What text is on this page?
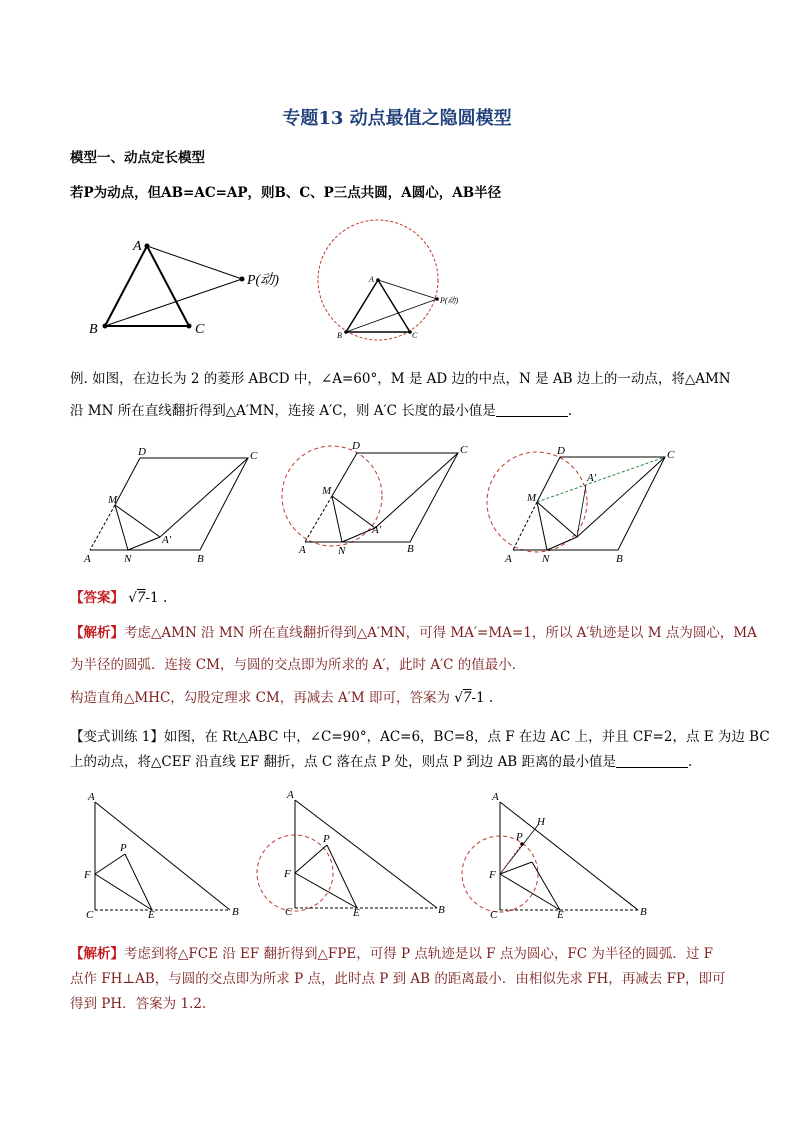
专题13 动点最值之隐圆模型
模型一、动点定长模型
若P为动点，但AB=AC=AP，则B、C、P三点共圆，A圆心，AB半径
A
B	C
P(动)	A
B	C
P(动)
例. 如图，在边长为 2 的菱形 ABCD 中，∠A=60°，M 是 AD 边的中点，N 是 AB 边上的一动点，将△AMN
沿 MN 所在直线翻折得到△A′MN，连接 A′C，则 A′C 长度的最小值是	.
D	C
M
A′
A	N	B
D	C
M
A′
A	N	B
D	C
M
A′
A	N	B
【答案】 √7-1 .
【解析】考虑△AMN 沿 MN 所在直线翻折得到△A′MN，可得 MA′=MA=1，所以 A′轨迹是以 M 点为圆心，MA
为半径的圆弧．连接 CM，与圆的交点即为所求的 A′，此时 A′C 的值最小．
构造直角△MHC，勾股定理求 CM，再减去 A′M 即可，答案为 √7-1 .
【变式训练 1】如图，在 Rt△ABC 中，∠C=90°，AC=6，BC=8，点 F 在边 AC 上，并且 CF=2，点 E 为边 BC
上的动点，将△CEF 沿直线 EF 翻折，点 C 落在点 P 处，则点 P 到边 AB 距离的最小值是	.
A
P
F
C	E	B
A
P
F
C	E	B
A
H
P
F
C	E	B
【解析】考虑到将△FCE 沿 EF 翻折得到△FPE，可得 P 点轨迹是以 F 点为圆心，FC 为半径的圆弧．过 F
点作 FH⊥AB，与圆的交点即为所求 P 点，此时点 P 到 AB 的距离最小．由相似先求 FH，再减去 FP，即可
得到 PH．答案为 1.2.
